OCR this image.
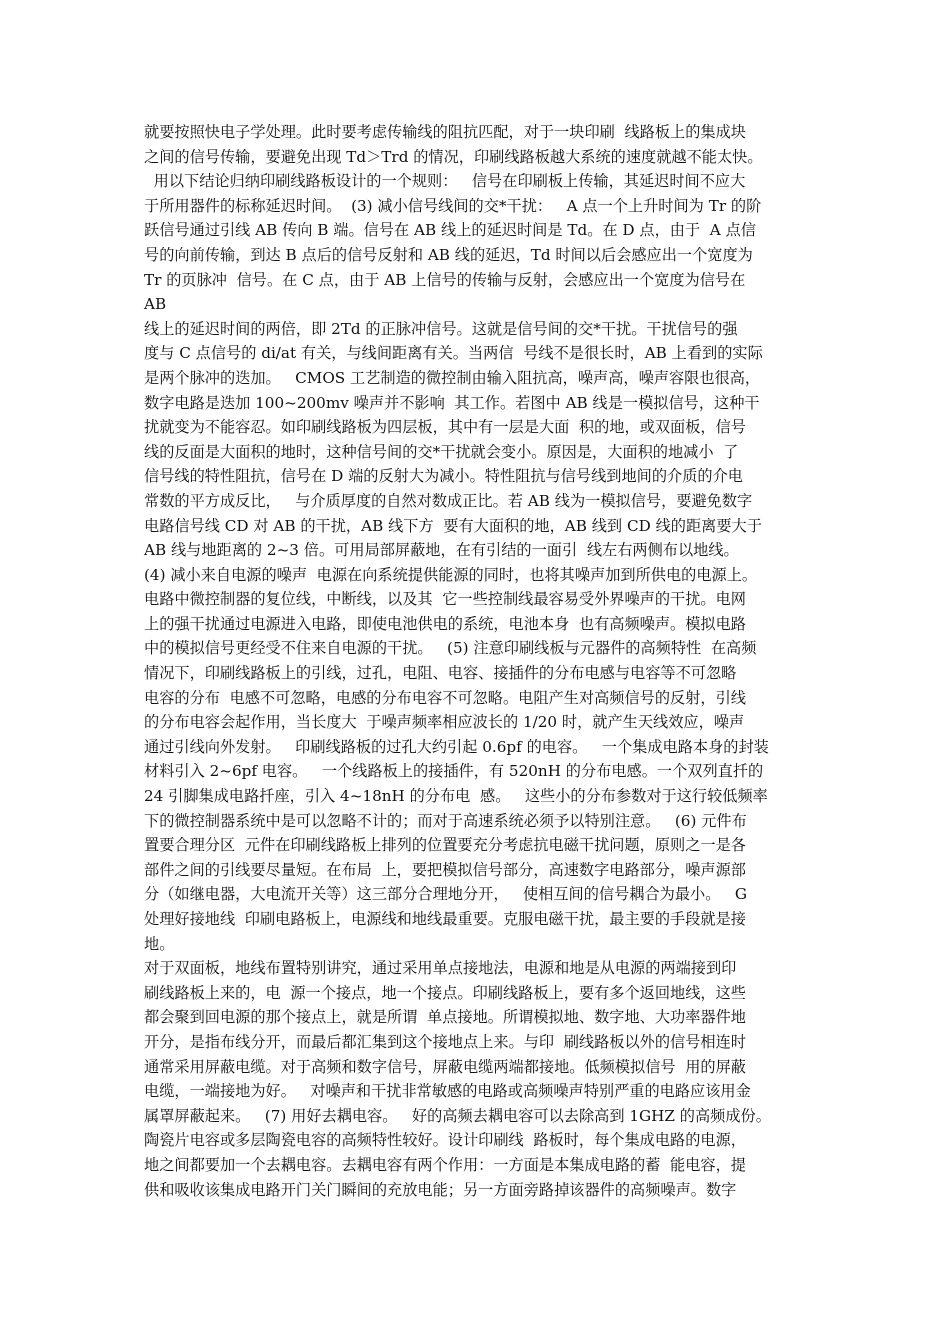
就要按照快电子学处理。此时要考虑传输线的阻抗匹配，对于一块印刷  线路板上的集成块
之间的信号传输，要避免出现 Td＞Trd 的情况，印刷线路板越大系统的速度就越不能太快。
用以下结论归纳印刷线路板设计的一个规则：   信号在印刷板上传输，其延迟时间不应大
于所用器件的标称延迟时间。  (3) 减小信号线间的交*干扰：   A 点一个上升时间为 Tr 的阶
跃信号通过引线 AB 传向 B 端。信号在 AB 线上的延迟时间是 Td。在 D 点，由于  A 点信
号的向前传输，到达 B 点后的信号反射和 AB 线的延迟，Td 时间以后会感应出一个宽度为
Tr 的页脉冲  信号。在 C 点，由于 AB 上信号的传输与反射，会感应出一个宽度为信号在
AB
线上的延迟时间的两倍，即 2Td 的正脉冲信号。这就是信号间的交*干扰。干扰信号的强
度与 C 点信号的 di/at 有关，与线间距离有关。当两信  号线不是很长时，AB 上看到的实际
是两个脉冲的迭加。   CMOS 工艺制造的微控制由输入阻抗高，噪声高，噪声容限也很高，
数字电路是迭加 100~200mv 噪声并不影响  其工作。若图中 AB 线是一模拟信号，这种干
扰就变为不能容忍。如印刷线路板为四层板，其中有一层是大面  积的地，或双面板，信号
线的反面是大面积的地时，这种信号间的交*干扰就会变小。原因是，大面积的地减小  了
信号线的特性阻抗，信号在 D 端的反射大为减小。特性阻抗与信号线到地间的介质的介电
常数的平方成反比，   与介质厚度的自然对数成正比。若 AB 线为一模拟信号，要避免数字
电路信号线 CD 对 AB 的干扰，AB 线下方  要有大面积的地，AB 线到 CD 线的距离要大于
AB 线与地距离的 2~3 倍。可用局部屏蔽地，在有引结的一面引  线左右两侧布以地线。
(4) 减小来自电源的噪声  电源在向系统提供能源的同时，也将其噪声加到所供电的电源上。
电路中微控制器的复位线，中断线，以及其  它一些控制线最容易受外界噪声的干扰。电网
上的强干扰通过电源进入电路，即使电池供电的系统，电池本身  也有高频噪声。模拟电路
中的模拟信号更经受不住来自电源的干扰。   (5) 注意印刷线板与元器件的高频特性  在高频
情况下，印刷线路板上的引线，过孔，电阻、电容、接插件的分布电感与电容等不可忽略
电容的分布  电感不可忽略，电感的分布电容不可忽略。电阻产生对高频信号的反射，引线
的分布电容会起作用，当长度大  于噪声频率相应波长的 1/20 时，就产生天线效应，噪声
通过引线向外发射。   印刷线路板的过孔大约引起 0.6pf 的电容。   一个集成电路本身的封装
材料引入 2~6pf 电容。   一个线路板上的接插件，有 520nH 的分布电感。一个双列直扦的
24 引脚集成电路扦座，引入 4~18nH 的分布电  感。   这些小的分布参数对于这行较低频率
下的微控制器系统中是可以忽略不计的；而对于高速系统必须予以特别注意。   (6) 元件布
置要合理分区  元件在印刷线路板上排列的位置要充分考虑抗电磁干扰问题，原则之一是各
部件之间的引线要尽量短。在布局  上，要把模拟信号部分，高速数字电路部分，噪声源部
分（如继电器，大电流开关等）这三部分合理地分开，   使相互间的信号耦合为最小。   G
处理好接地线  印刷电路板上，电源线和地线最重要。克服电磁干扰，最主要的手段就是接
地。
对于双面板，地线布置特别讲究，通过采用单点接地法，电源和地是从电源的两端接到印
刷线路板上来的，电  源一个接点，地一个接点。印刷线路板上，要有多个返回地线，这些
都会聚到回电源的那个接点上，就是所谓  单点接地。所谓模拟地、数字地、大功率器件地
开分，是指布线分开，而最后都汇集到这个接地点上来。与印  刷线路板以外的信号相连时
通常采用屏蔽电缆。对于高频和数字信号，屏蔽电缆两端都接地。低频模拟信号  用的屏蔽
电缆，一端接地为好。   对噪声和干扰非常敏感的电路或高频噪声特别严重的电路应该用金
属罩屏蔽起来。   (7) 用好去耦电容。   好的高频去耦电容可以去除高到 1GHZ 的高频成份。
陶瓷片电容或多层陶瓷电容的高频特性较好。设计印刷线  路板时，每个集成电路的电源，
地之间都要加一个去耦电容。去耦电容有两个作用：一方面是本集成电路的蓄  能电容，提
供和吸收该集成电路开门关门瞬间的充放电能；另一方面旁路掉该器件的高频噪声。数字
